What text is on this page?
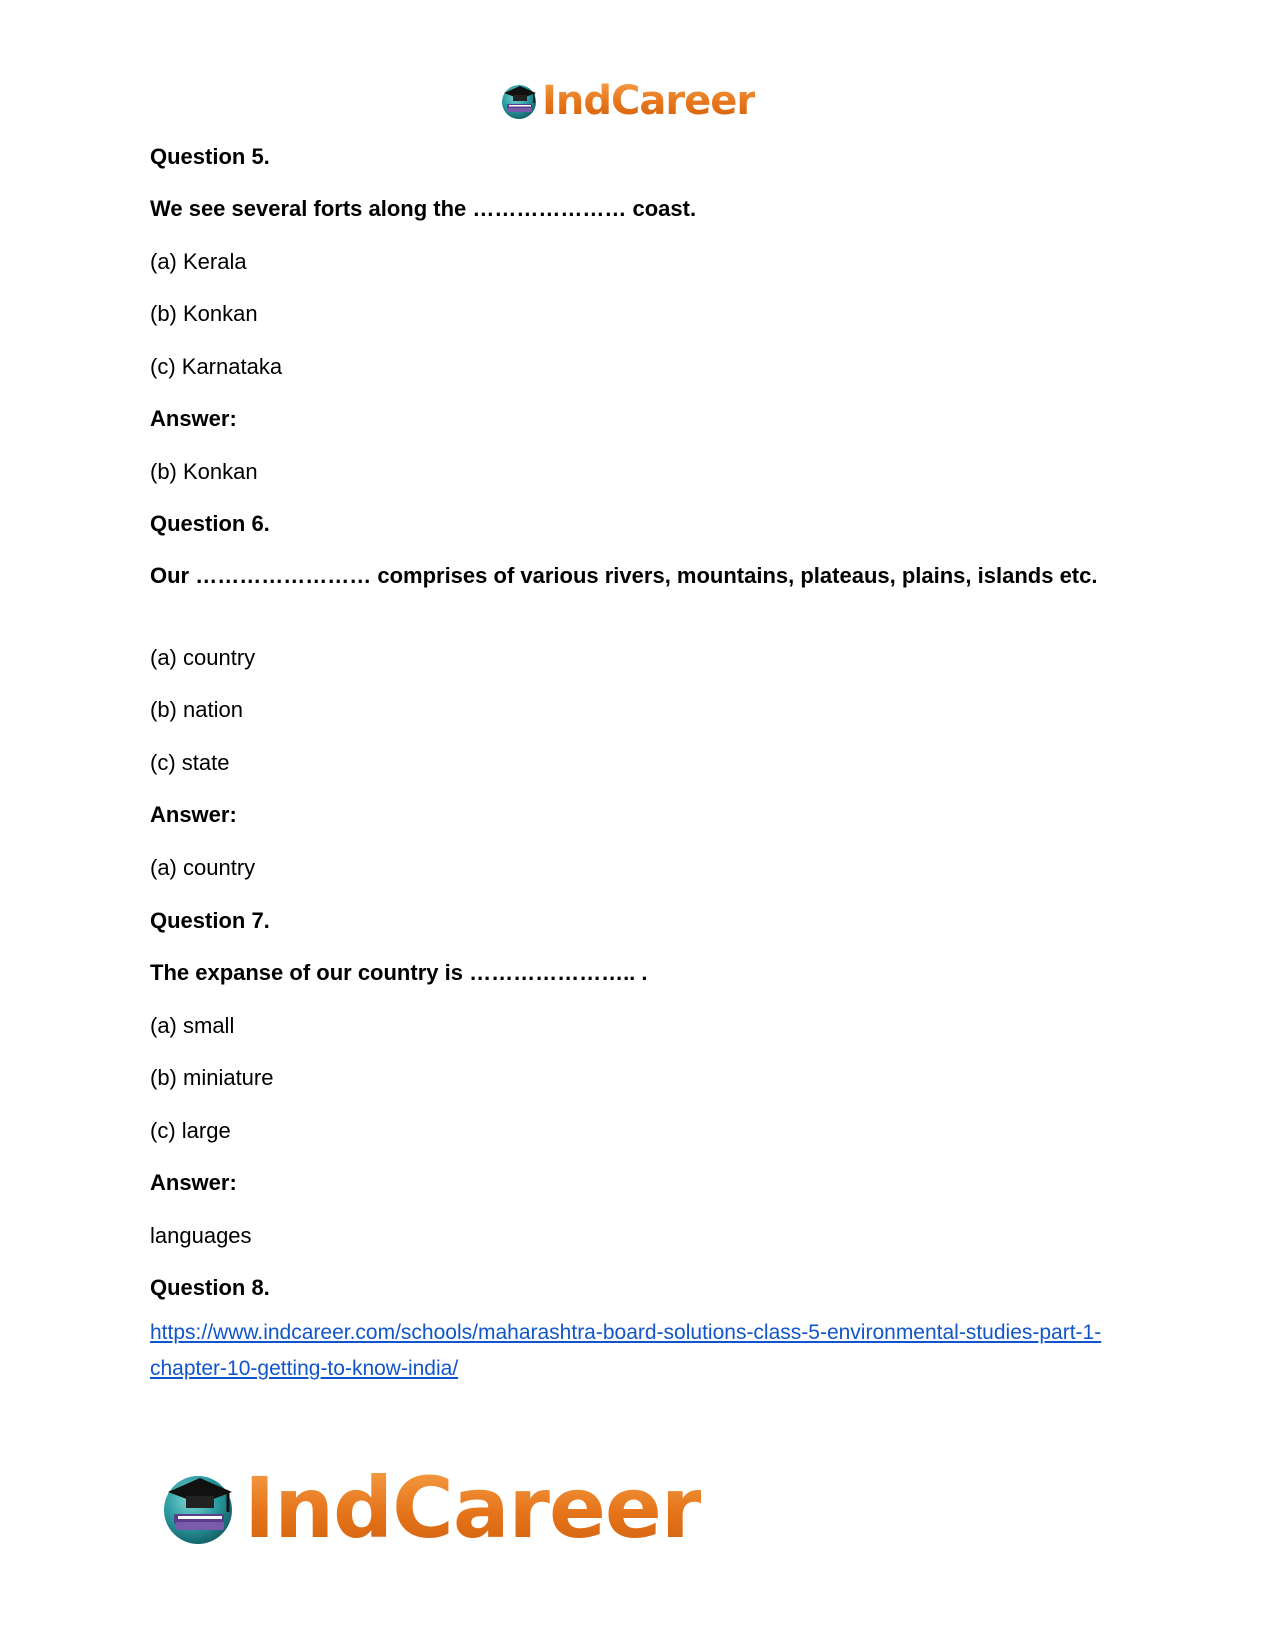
IndCareer
Question 5.
We see several forts along the ………………… coast.
(a) Kerala
(b) Konkan
(c) Karnataka
Answer:
(b) Konkan
Question 6.
Our …………………… comprises of various rivers, mountains, plateaus, plains, islands etc.
(a) country
(b) nation
(c) state
Answer:
(a) country
Question 7.
The expanse of our country is ………………….. .
(a) small
(b) miniature
(c) large
Answer:
languages
Question 8.
https://www.indcareer.com/schools/maharashtra-board-solutions-class-5-environmental-studies-part-1-chapter-10-getting-to-know-india/
IndCareer
